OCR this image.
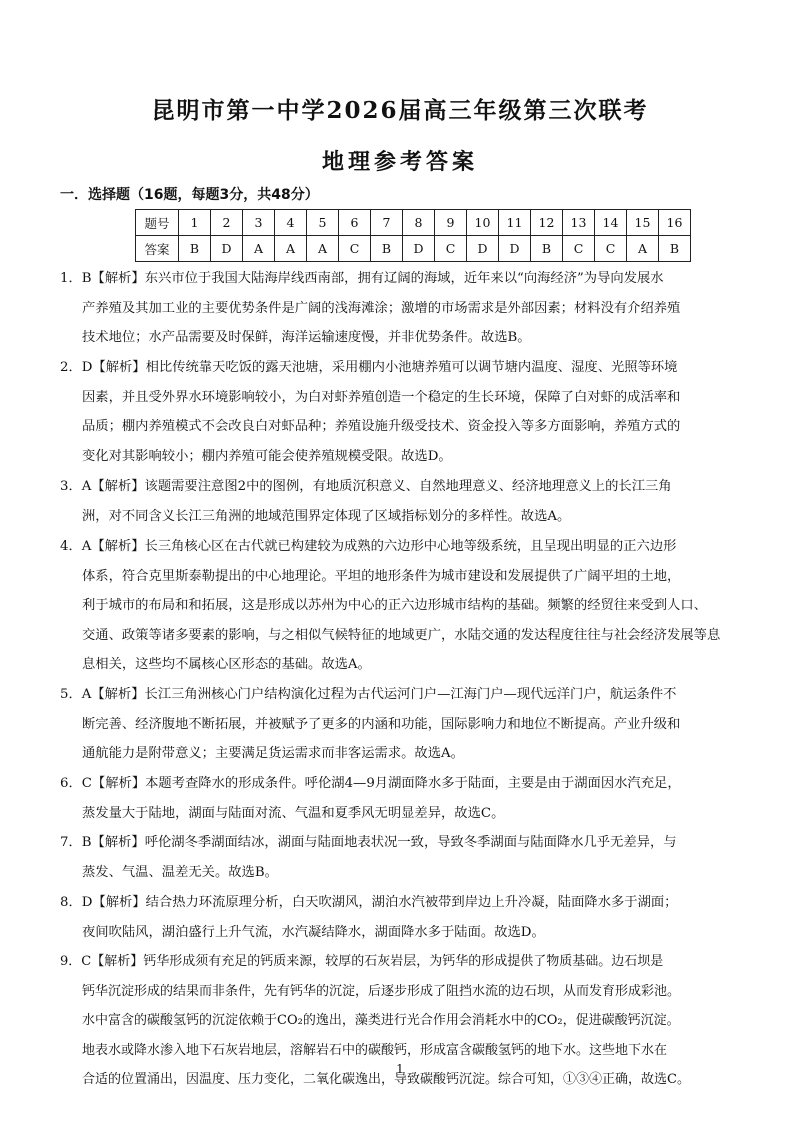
昆明市第一中学2026届高三年级第三次联考
地理参考答案
一．选择题（16题，每题3分，共48分）
题号	1	2	3	4	5	6	7	8	9	10	11	12	13	14	15	16
答案	B	D	A	A	A	C	B	D	C	D	D	B	C	C	A	B
1．B【解析】东兴市位于我国大陆海岸线西南部，拥有辽阔的海域，近年来以“向海经济”为导向发展水
产养殖及其加工业的主要优势条件是广阔的浅海滩涂；激增的市场需求是外部因素；材料没有介绍养殖
技术地位；水产品需要及时保鲜，海洋运输速度慢，并非优势条件。故选B。
2．D【解析】相比传统靠天吃饭的露天池塘，采用棚内小池塘养殖可以调节塘内温度、湿度、光照等环境
因素，并且受外界水环境影响较小，为白对虾养殖创造一个稳定的生长环境，保障了白对虾的成活率和
品质；棚内养殖模式不会改良白对虾品种；养殖设施升级受技术、资金投入等多方面影响，养殖方式的
变化对其影响较小；棚内养殖可能会使养殖规模受限。故选D。
3．A【解析】该题需要注意图2中的图例，有地质沉积意义、自然地理意义、经济地理意义上的长江三角
洲，对不同含义长江三角洲的地域范围界定体现了区域指标划分的多样性。故选A。
4．A【解析】长三角核心区在古代就已构建较为成熟的六边形中心地等级系统，且呈现出明显的正六边形
体系，符合克里斯泰勒提出的中心地理论。平坦的地形条件为城市建设和发展提供了广阔平坦的土地，
利于城市的布局和和拓展，这是形成以苏州为中心的正六边形城市结构的基础。频繁的经贸往来受到人口、
交通、政策等诸多要素的影响，与之相似气候特征的地域更广，水陆交通的发达程度往往与社会经济发展等息
息相关，这些均不属核心区形态的基础。故选A。
5．A【解析】长江三角洲核心门户结构演化过程为古代运河门户—江海门户—现代远洋门户，航运条件不
断完善、经济腹地不断拓展，并被赋予了更多的内涵和功能，国际影响力和地位不断提高。产业升级和
通航能力是附带意义；主要满足货运需求而非客运需求。故选A。
6．C【解析】本题考查降水的形成条件。呼伦湖4—9月湖面降水多于陆面，主要是由于湖面因水汽充足，
蒸发量大于陆地，湖面与陆面对流、气温和夏季风无明显差异，故选C。
7．B【解析】呼伦湖冬季湖面结冰，湖面与陆面地表状况一致，导致冬季湖面与陆面降水几乎无差异，与
蒸发、气温、温差无关。故选B。
8．D【解析】结合热力环流原理分析，白天吹湖风，湖泊水汽被带到岸边上升冷凝，陆面降水多于湖面；
夜间吹陆风，湖泊盛行上升气流，水汽凝结降水，湖面降水多于陆面。故选D。
9．C【解析】钙华形成须有充足的钙质来源，较厚的石灰岩层，为钙华的形成提供了物质基础。边石坝是
钙华沉淀形成的结果而非条件，先有钙华的沉淀，后逐步形成了阻挡水流的边石坝，从而发育形成彩池。
水中富含的碳酸氢钙的沉淀依赖于CO₂的逸出，藻类进行光合作用会消耗水中的CO₂，促进碳酸钙沉淀。
地表水或降水渗入地下石灰岩地层，溶解岩石中的碳酸钙，形成富含碳酸氢钙的地下水。这些地下水在
合适的位置涌出，因温度、压力变化，二氧化碳逸出，导致碳酸钙沉淀。综合可知，①③④正确，故选C。
1
